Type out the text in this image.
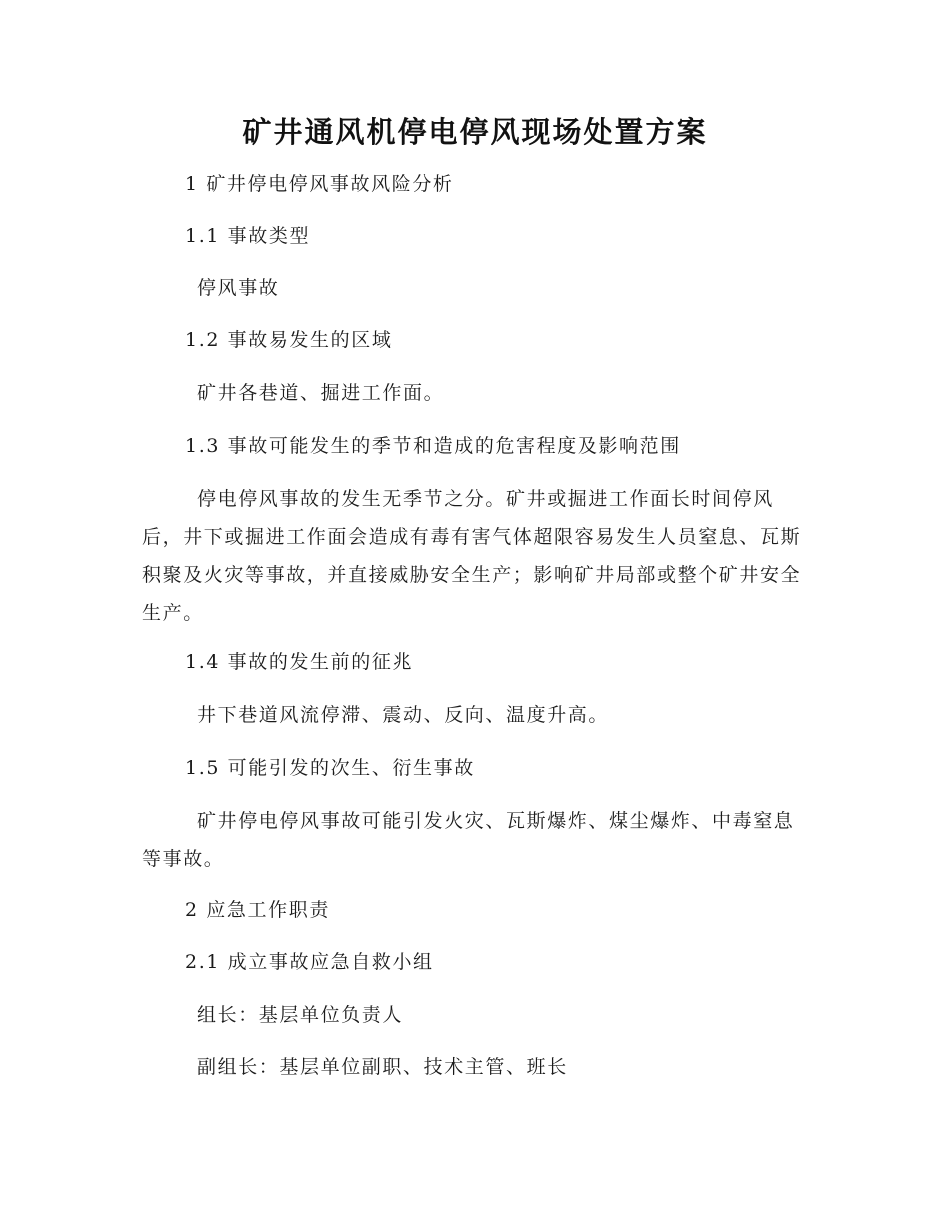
矿井通风机停电停风现场处置方案
1 矿井停电停风事故风险分析
1.1 事故类型
停风事故
1.2 事故易发生的区域
矿井各巷道、掘进工作面。
1.3 事故可能发生的季节和造成的危害程度及影响范围
停电停风事故的发生无季节之分。矿井或掘进工作面长时间停风后，井下或掘进工作面会造成有毒有害气体超限容易发生人员窒息、瓦斯积聚及火灾等事故，并直接威胁安全生产；影响矿井局部或整个矿井安全生产。
1.4 事故的发生前的征兆
井下巷道风流停滞、震动、反向、温度升高。
1.5 可能引发的次生、衍生事故
矿井停电停风事故可能引发火灾、瓦斯爆炸、煤尘爆炸、中毒窒息等事故。
2 应急工作职责
2.1 成立事故应急自救小组
组长：基层单位负责人
副组长：基层单位副职、技术主管、班长
